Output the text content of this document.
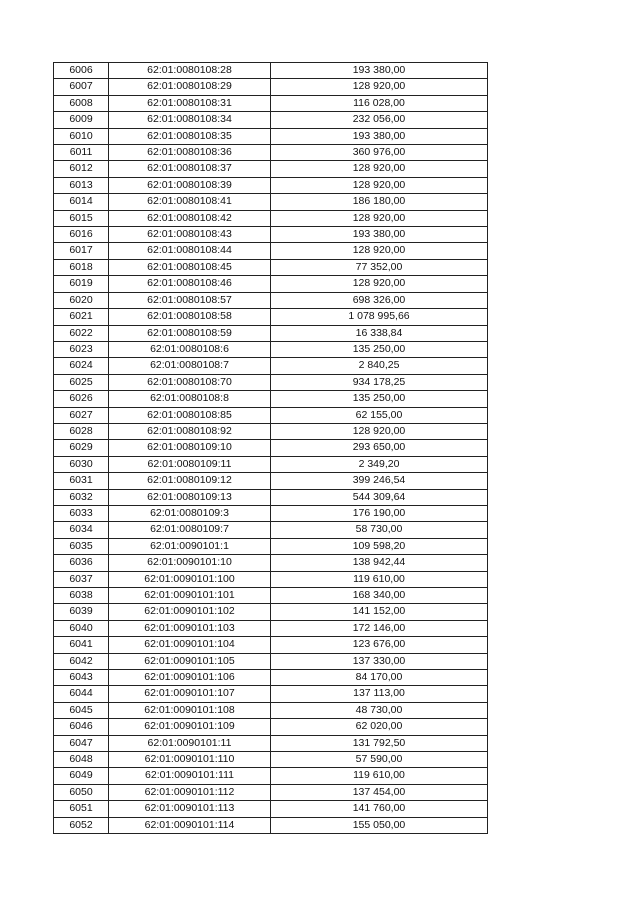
6006	62:01:0080108:28	193 380,00
6007	62:01:0080108:29	128 920,00
6008	62:01:0080108:31	116 028,00
6009	62:01:0080108:34	232 056,00
6010	62:01:0080108:35	193 380,00
6011	62:01:0080108:36	360 976,00
6012	62:01:0080108:37	128 920,00
6013	62:01:0080108:39	128 920,00
6014	62:01:0080108:41	186 180,00
6015	62:01:0080108:42	128 920,00
6016	62:01:0080108:43	193 380,00
6017	62:01:0080108:44	128 920,00
6018	62:01:0080108:45	77 352,00
6019	62:01:0080108:46	128 920,00
6020	62:01:0080108:57	698 326,00
6021	62:01:0080108:58	1 078 995,66
6022	62:01:0080108:59	16 338,84
6023	62:01:0080108:6	135 250,00
6024	62:01:0080108:7	2 840,25
6025	62:01:0080108:70	934 178,25
6026	62:01:0080108:8	135 250,00
6027	62:01:0080108:85	62 155,00
6028	62:01:0080108:92	128 920,00
6029	62:01:0080109:10	293 650,00
6030	62:01:0080109:11	2 349,20
6031	62:01:0080109:12	399 246,54
6032	62:01:0080109:13	544 309,64
6033	62:01:0080109:3	176 190,00
6034	62:01:0080109:7	58 730,00
6035	62:01:0090101:1	109 598,20
6036	62:01:0090101:10	138 942,44
6037	62:01:0090101:100	119 610,00
6038	62:01:0090101:101	168 340,00
6039	62:01:0090101:102	141 152,00
6040	62:01:0090101:103	172 146,00
6041	62:01:0090101:104	123 676,00
6042	62:01:0090101:105	137 330,00
6043	62:01:0090101:106	84 170,00
6044	62:01:0090101:107	137 113,00
6045	62:01:0090101:108	48 730,00
6046	62:01:0090101:109	62 020,00
6047	62:01:0090101:11	131 792,50
6048	62:01:0090101:110	57 590,00
6049	62:01:0090101:111	119 610,00
6050	62:01:0090101:112	137 454,00
6051	62:01:0090101:113	141 760,00
6052	62:01:0090101:114	155 050,00
